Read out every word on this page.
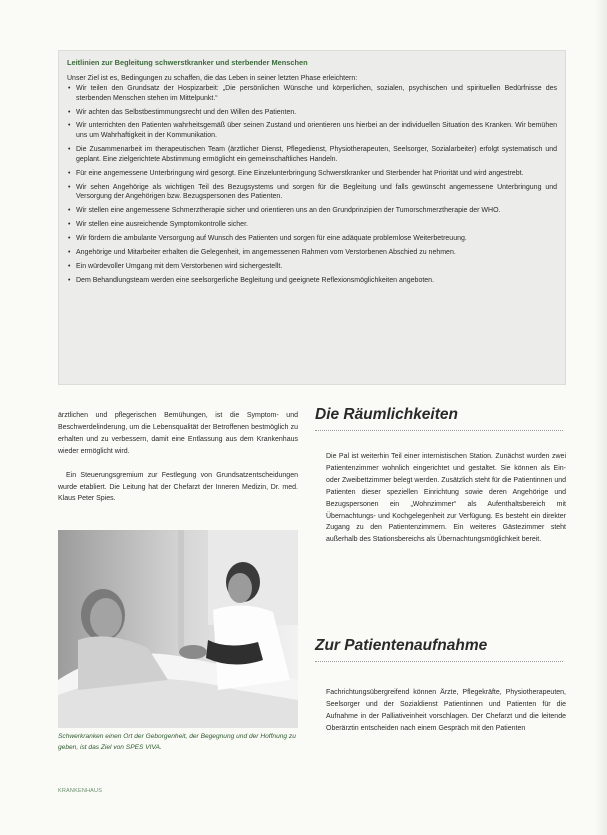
Leitlinien zur Begleitung schwerstkranker und sterbender Menschen
Unser Ziel ist es, Bedingungen zu schaffen, die das Leben in seiner letzten Phase erleichtern:
• Wir teilen den Grundsatz der Hospizarbeit: „Die persönlichen Wünsche und körperlichen, sozialen, psychischen und spirituellen Bedürfnisse des sterbenden Menschen stehen im Mittelpunkt.“
• Wir achten das Selbstbestimmungsrecht und den Willen des Patienten.
• Wir unterrichten den Patienten wahrheitsgemäß über seinen Zustand und orientieren uns hierbei an der individuellen Situation des Kranken. Wir bemühen uns um Wahrhaftigkeit in der Kommunikation.
• Die Zusammenarbeit im therapeutischen Team (ärztlicher Dienst, Pflegedienst, Physiotherapeuten, Seelsorger, Sozialarbeiter) erfolgt systematisch und geplant. Eine zielgerichtete Abstimmung ermöglicht ein gemeinschaftliches Handeln.
• Für eine angemessene Unterbringung wird gesorgt. Eine Einzelunterbringung Schwerstkranker und Sterbender hat Priorität und wird angestrebt.
• Wir sehen Angehörige als wichtigen Teil des Bezugsystems und sorgen für die Begleitung und falls gewünscht angemessene Unterbringung und Versorgung der Angehörigen bzw. Bezugspersonen des Patienten.
• Wir stellen eine angemessene Schmerztherapie sicher und orientieren uns an den Grundprinzipien der Tumorschmerztherapie der WHO.
• Wir stellen eine ausreichende Symptomkontrolle sicher.
• Wir fördern die ambulante Versorgung auf Wunsch des Patienten und sorgen für eine adäquate problemlose Weiterbetreuung.
• Angehörige und Mitarbeiter erhalten die Gelegenheit, im angemessenen Rahmen vom Verstorbenen Abschied zu nehmen.
• Ein würdevoller Umgang mit dem Verstorbenen wird sichergestellt.
• Dem Behandlungsteam werden eine seelsorgerliche Begleitung und geeignete Reflexionsmöglichkeiten angeboten.

ärztlichen und pflegerischen Bemühungen, ist die Symptom- und Beschwerdelinderung, um die Lebensqualität der Betroffenen bestmöglich zu erhalten und zu verbessern, damit eine Entlassung aus dem Krankenhaus wieder ermöglicht wird.

Ein Steuerungsgremium zur Festlegung von Grundsatzentscheidungen wurde etabliert. Die Leitung hat der Chefarzt der Inneren Medizin, Dr. med. Klaus Peter Spies.

Schwerkranken einen Ort der Geborgenheit, der Begegnung und der Hoffnung zu geben, ist das Ziel von SPES VIVA.
Die Räumlichkeiten

Die Pal ist weiterhin Teil einer internistischen Station. Zunächst wurden zwei Patientenzimmer wohnlich eingerichtet und gestaltet. Sie können als Ein- oder Zweibettzimmer belegt werden. Zusätzlich steht für die Patientinnen und Patienten dieser speziellen Einrichtung sowie deren Angehörige und Bezugspersonen ein „Wohnzimmer“ als Aufenthaltsbereich mit Übernachtungs- und Kochgelegenheit zur Verfügung. Es besteht ein direkter Zugang zu den Patientenzimmern. Ein weiteres Gästezimmer steht außerhalb des Stationsbereichs als Übernachtungsmöglichkeit bereit.

Zur Patientenaufnahme

Fachrichtungsübergreifend können Ärzte, Pflegekräfte, Physiotherapeuten, Seelsorger und der Sozialdienst Patientinnen und Patienten für die Aufnahme in der Palliativeinheit vorschlagen. Der Chefarzt und die leitende Oberärztin entscheiden nach einem Gespräch mit den Patienten

KRANKENHAUS
